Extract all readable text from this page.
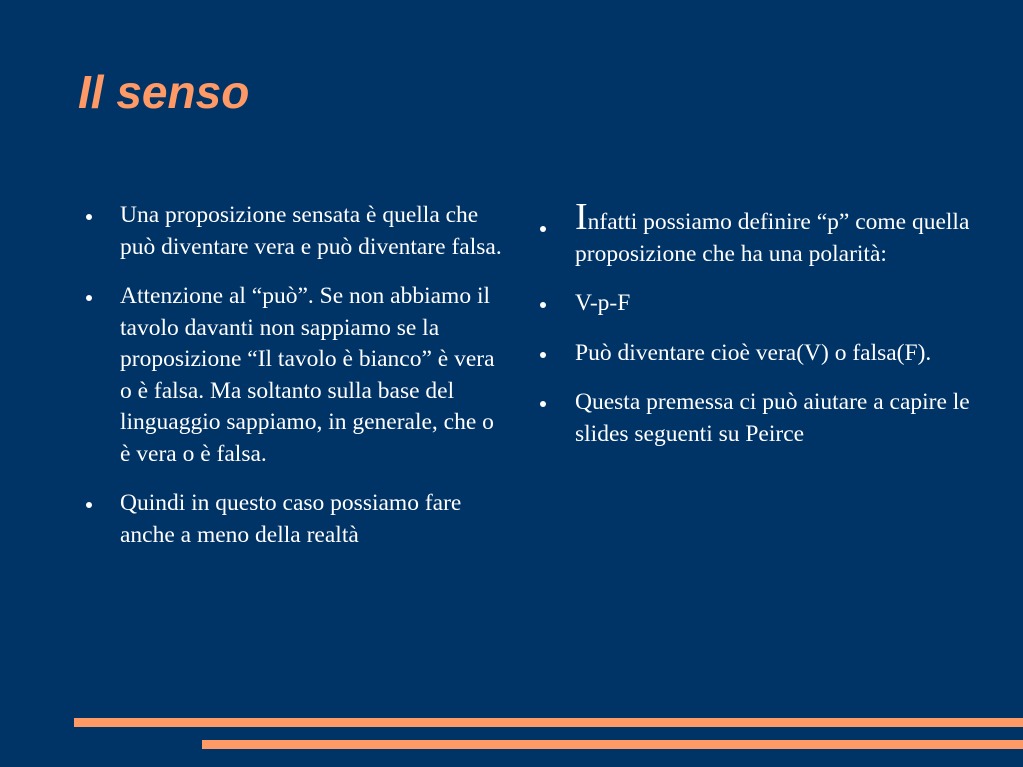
Il senso
Una proposizione sensata è quella che può diventare vera e può diventare falsa.
Attenzione al “può”. Se non abbiamo il tavolo davanti non sappiamo se la proposizione “Il tavolo è bianco” è vera o è falsa. Ma soltanto sulla base del linguaggio sappiamo, in generale, che o è vera o è falsa.
Quindi in questo caso possiamo fare anche a meno della realtà
Infatti possiamo definire “p” come quella proposizione che ha una polarità:
V-p-F
Può diventare cioè vera(V) o falsa(F).
Questa premessa ci può aiutare a capire le slides seguenti su Peirce
